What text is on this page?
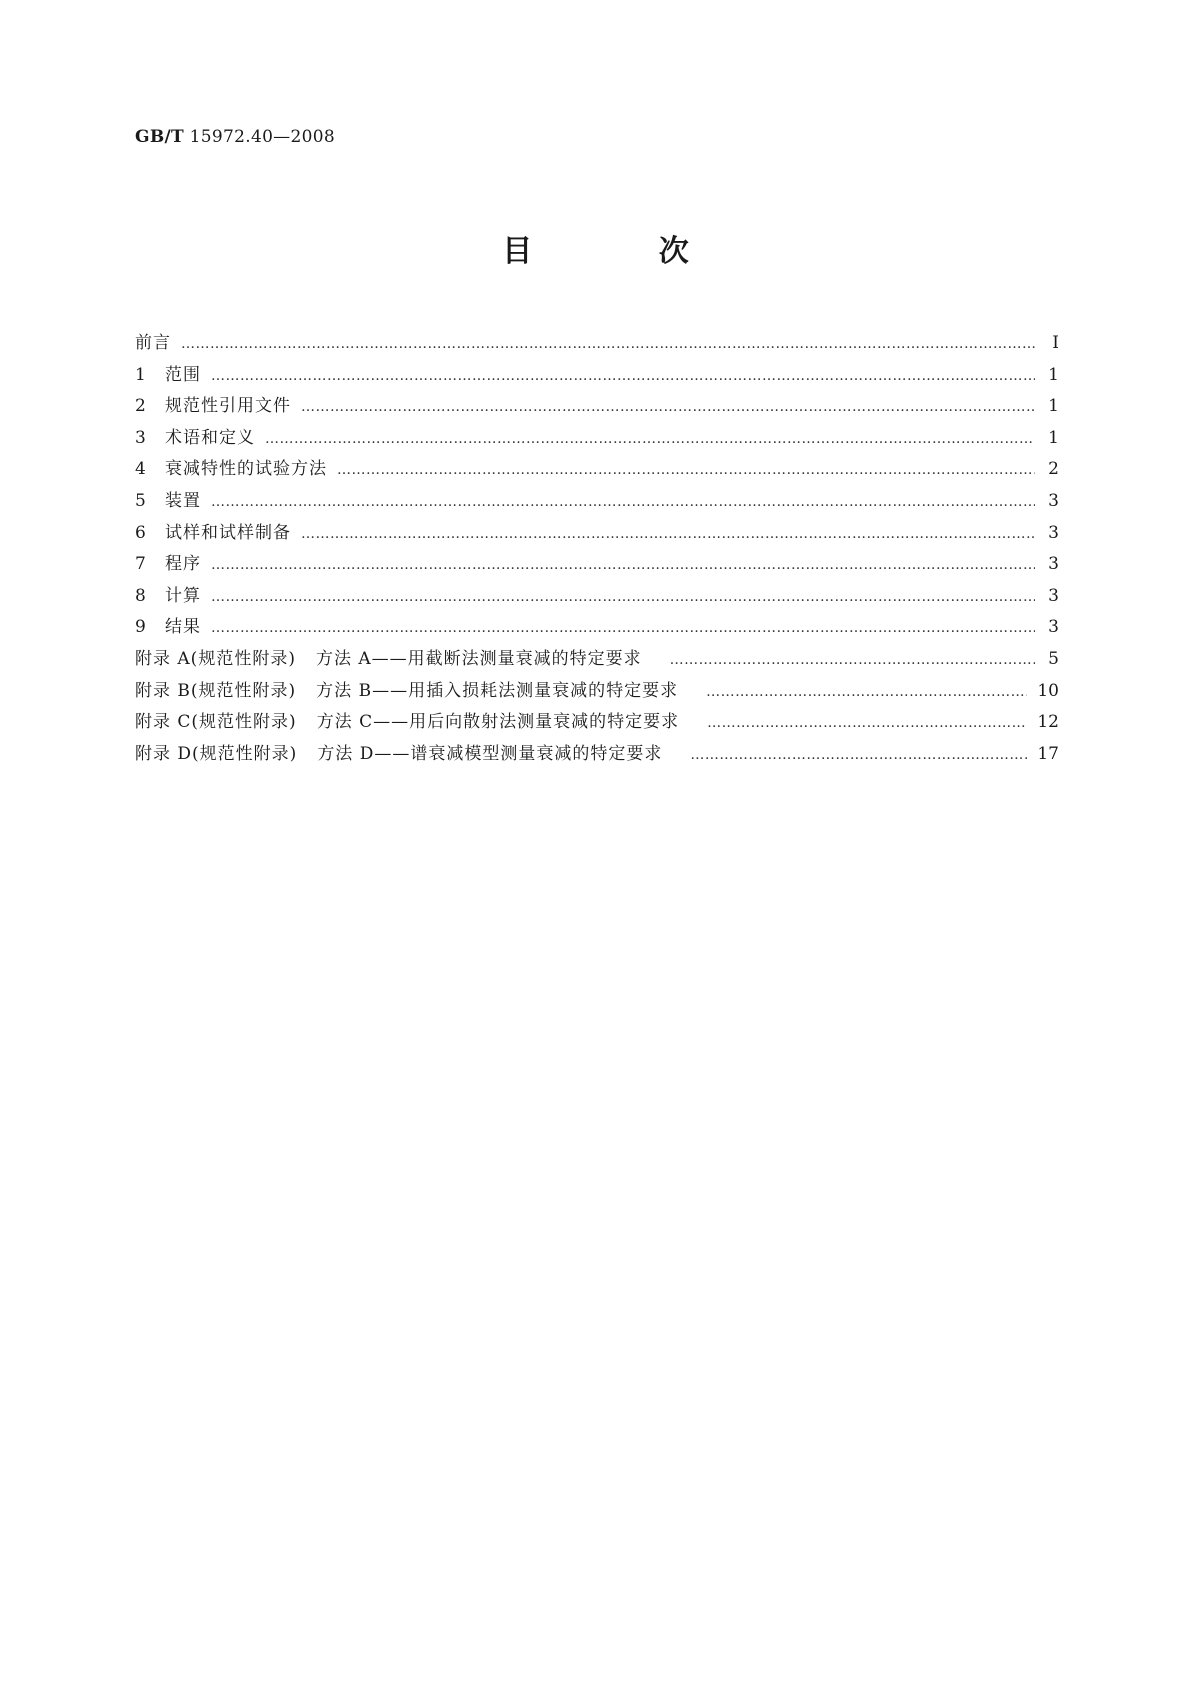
GB/T 15972.40—2008
目 次
前言 ……………………………………………………………………………………………………………………………………………………………………………………………………………………	Ⅰ
1	范围 ……………………………………………………………………………………………………………………………………………………………………………………………………………………	1
2	规范性引用文件 ……………………………………………………………………………………………………………………………………………………………………………………………………………………	1
3	术语和定义 ……………………………………………………………………………………………………………………………………………………………………………………………………………………	1
4	衰减特性的试验方法 ……………………………………………………………………………………………………………………………………………………………………………………………………………………	2
5	装置 ……………………………………………………………………………………………………………………………………………………………………………………………………………………	3
6	试样和试样制备 ……………………………………………………………………………………………………………………………………………………………………………………………………………………	3
7	程序 ……………………………………………………………………………………………………………………………………………………………………………………………………………………	3
8	计算 ……………………………………………………………………………………………………………………………………………………………………………………………………………………	3
9	结果 ……………………………………………………………………………………………………………………………………………………………………………………………………………………	3
附录 A(规范性附录) 方法 A——用截断法测量衰减的特定要求 ……………………………………………………………………………………………………………………………………………………………………………………………………………………	5
附录 B(规范性附录) 方法 B——用插入损耗法测量衰减的特定要求 ……………………………………………………………………………………………………………………………………………………………………………………………………………………	10
附录 C(规范性附录) 方法 C——用后向散射法测量衰减的特定要求 ……………………………………………………………………………………………………………………………………………………………………………………………………………………	12
附录 D(规范性附录) 方法 D——谱衰减模型测量衰减的特定要求 ……………………………………………………………………………………………………………………………………………………………………………………………………………………	17
